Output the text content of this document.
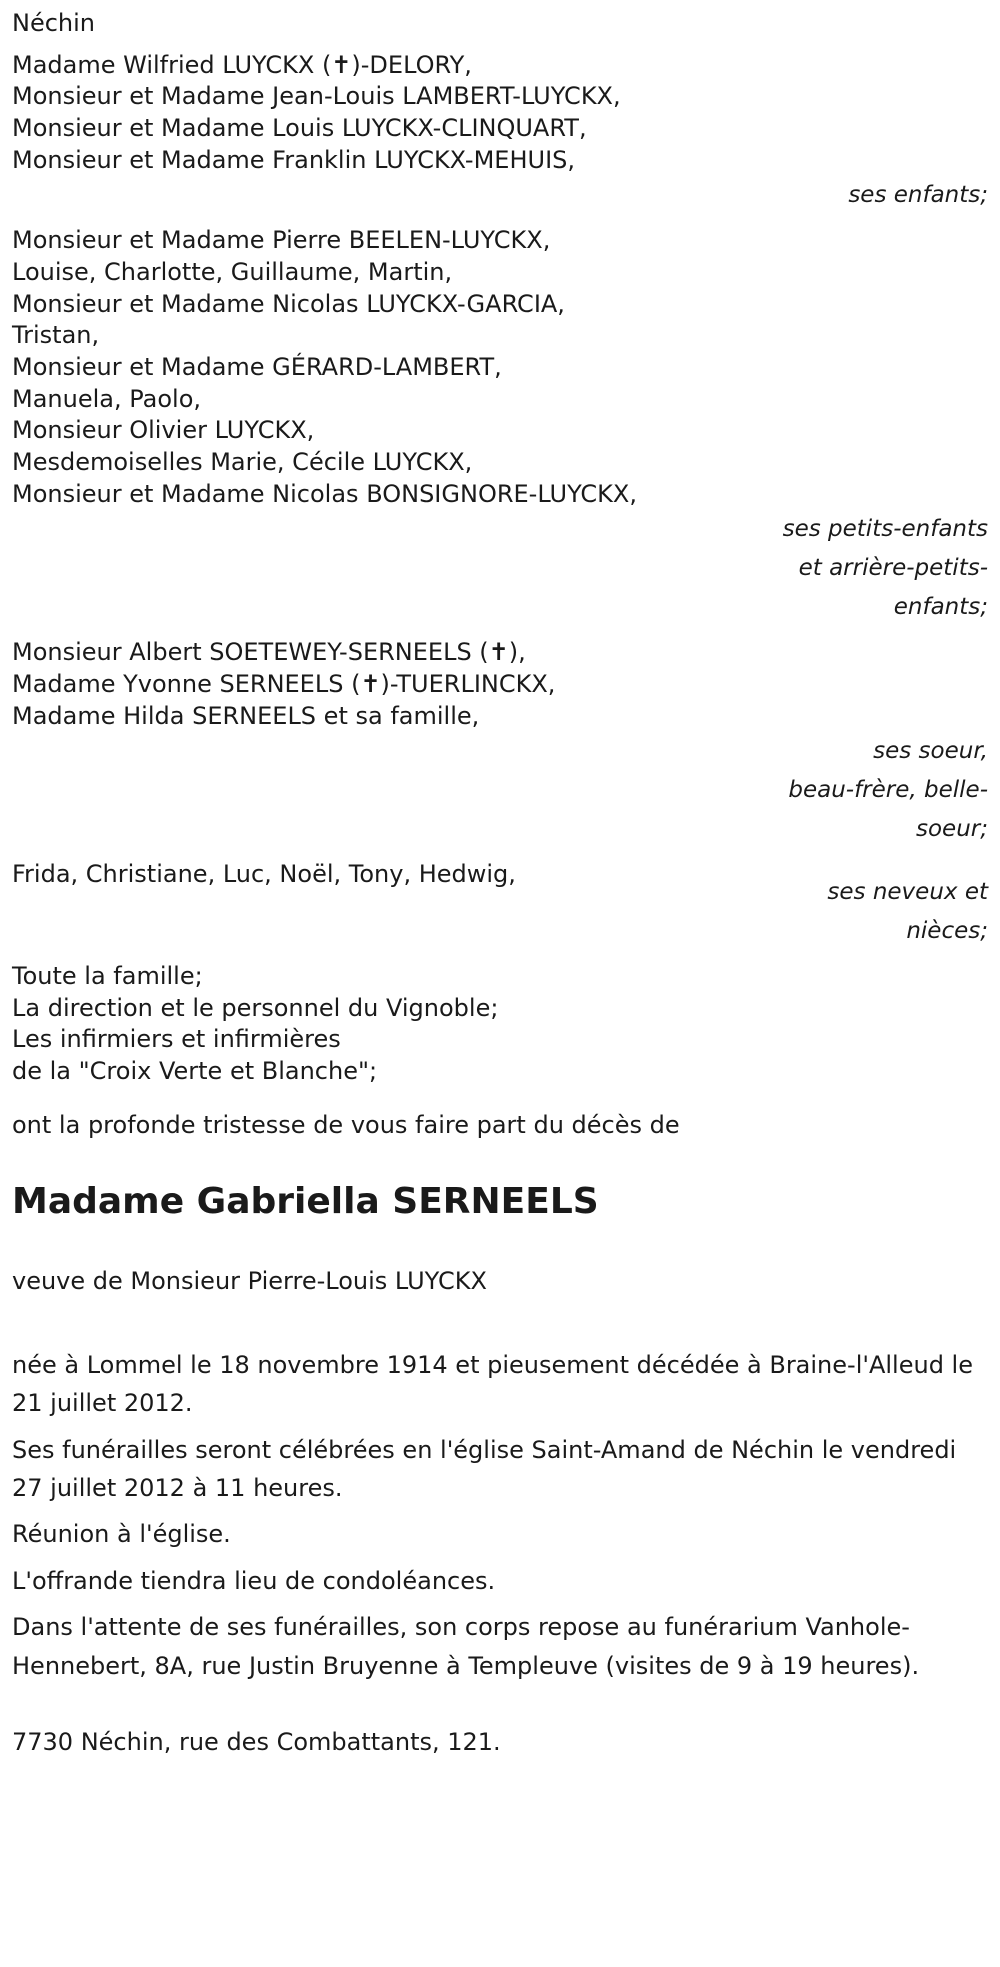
Néchin
Madame Wilfried LUYCKX (✝)-DELORY,
Monsieur et Madame Jean-Louis LAMBERT-LUYCKX,
Monsieur et Madame Louis LUYCKX-CLINQUART,
Monsieur et Madame Franklin LUYCKX-MEHUIS,
ses enfants;
Monsieur et Madame Pierre BEELEN-LUYCKX,
Louise, Charlotte, Guillaume, Martin,
Monsieur et Madame Nicolas LUYCKX-GARCIA,
Tristan,
Monsieur et Madame GÉRARD-LAMBERT,
Manuela, Paolo,
Monsieur Olivier LUYCKX,
Mesdemoiselles Marie, Cécile LUYCKX,
Monsieur et Madame Nicolas BONSIGNORE-LUYCKX,
ses petits-enfants
et arrière-petits-
enfants;
Monsieur Albert SOETEWEY-SERNEELS (✝),
Madame Yvonne SERNEELS (✝)-TUERLINCKX,
Madame Hilda SERNEELS et sa famille,
ses soeur,
beau-frère, belle-
soeur;
Frida, Christiane, Luc, Noël, Tony, Hedwig,
ses neveux et
nièces;
Toute la famille;
La direction et le personnel du Vignoble;
Les infirmiers et infirmières
de la "Croix Verte et Blanche";
ont la profonde tristesse de vous faire part du décès de
Madame Gabriella SERNEELS
veuve de Monsieur Pierre-Louis LUYCKX
née à Lommel le 18 novembre 1914 et pieusement décédée à Braine-l'Alleud le 21 juillet 2012.
Ses funérailles seront célébrées en l'église Saint-Amand de Néchin le vendredi 27 juillet 2012 à 11 heures.
Réunion à l'église.
L'offrande tiendra lieu de condoléances.
Dans l'attente de ses funérailles, son corps repose au funérarium Vanhole-Hennebert, 8A, rue Justin Bruyenne à Templeuve (visites de 9 à 19 heures).
7730 Néchin, rue des Combattants, 121.
